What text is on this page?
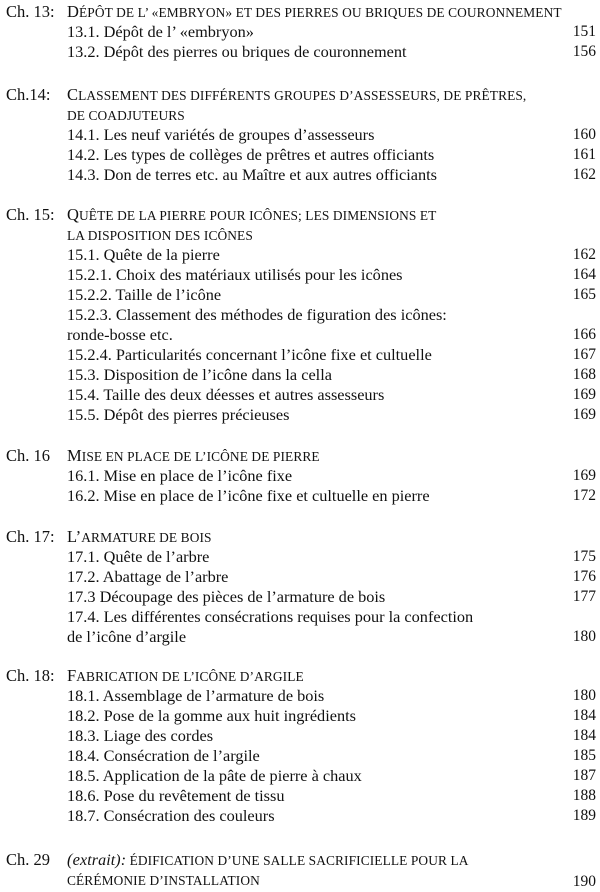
Ch. 13: DÉPÔT DE L’ «EMBRYON» ET DES PIERRES OU BRIQUES DE COURONNEMENT
13.1. Dépôt de l’ «embryon»	151
13.2. Dépôt des pierres ou briques de couronnement	156
Ch.14: CLASSEMENT DES DIFFÉRENTS GROUPES D’ASSESSEURS, DE PRÊTRES,
DE COADJUTEURS
14.1. Les neuf variétés de groupes d’assesseurs	160
14.2. Les types de collèges de prêtres et autres officiants	161
14.3. Don de terres etc. au Maître et aux autres officiants	162
Ch. 15: QUÊTE DE LA PIERRE POUR ICÔNES; LES DIMENSIONS ET
LA DISPOSITION DES ICÔNES
15.1. Quête de la pierre	162
15.2.1. Choix des matériaux utilisés pour les icônes	164
15.2.2. Taille de l’icône	165
15.2.3. Classement des méthodes de figuration des icônes:
ronde-bosse etc.	166
15.2.4. Particularités concernant l’icône fixe et cultuelle	167
15.3. Disposition de l’icône dans la cella	168
15.4. Taille des deux déesses et autres assesseurs	169
15.5. Dépôt des pierres précieuses	169
Ch. 16 MISE EN PLACE DE L’ICÔNE DE PIERRE
16.1. Mise en place de l’icône fixe	169
16.2. Mise en place de l’icône fixe et cultuelle en pierre	172
Ch. 17: L’ARMATURE DE BOIS
17.1. Quête de l’arbre	175
17.2. Abattage de l’arbre	176
17.3 Découpage des pièces de l’armature de bois	177
17.4. Les différentes consécrations requises pour la confection
de l’icône d’argile	180
Ch. 18: FABRICATION DE L’ICÔNE D’ARGILE
18.1. Assemblage de l’armature de bois	180
18.2. Pose de la gomme aux huit ingrédients	184
18.3. Liage des cordes	184
18.4. Consécration de l’argile	185
18.5. Application de la pâte de pierre à chaux	187
18.6. Pose du revêtement de tissu	188
18.7. Consécration des couleurs	189
Ch. 29 (extrait): ÉDIFICATION D’UNE SALLE SACRIFICIELLE POUR LA
CÉRÉMONIE D’INSTALLATION	190
